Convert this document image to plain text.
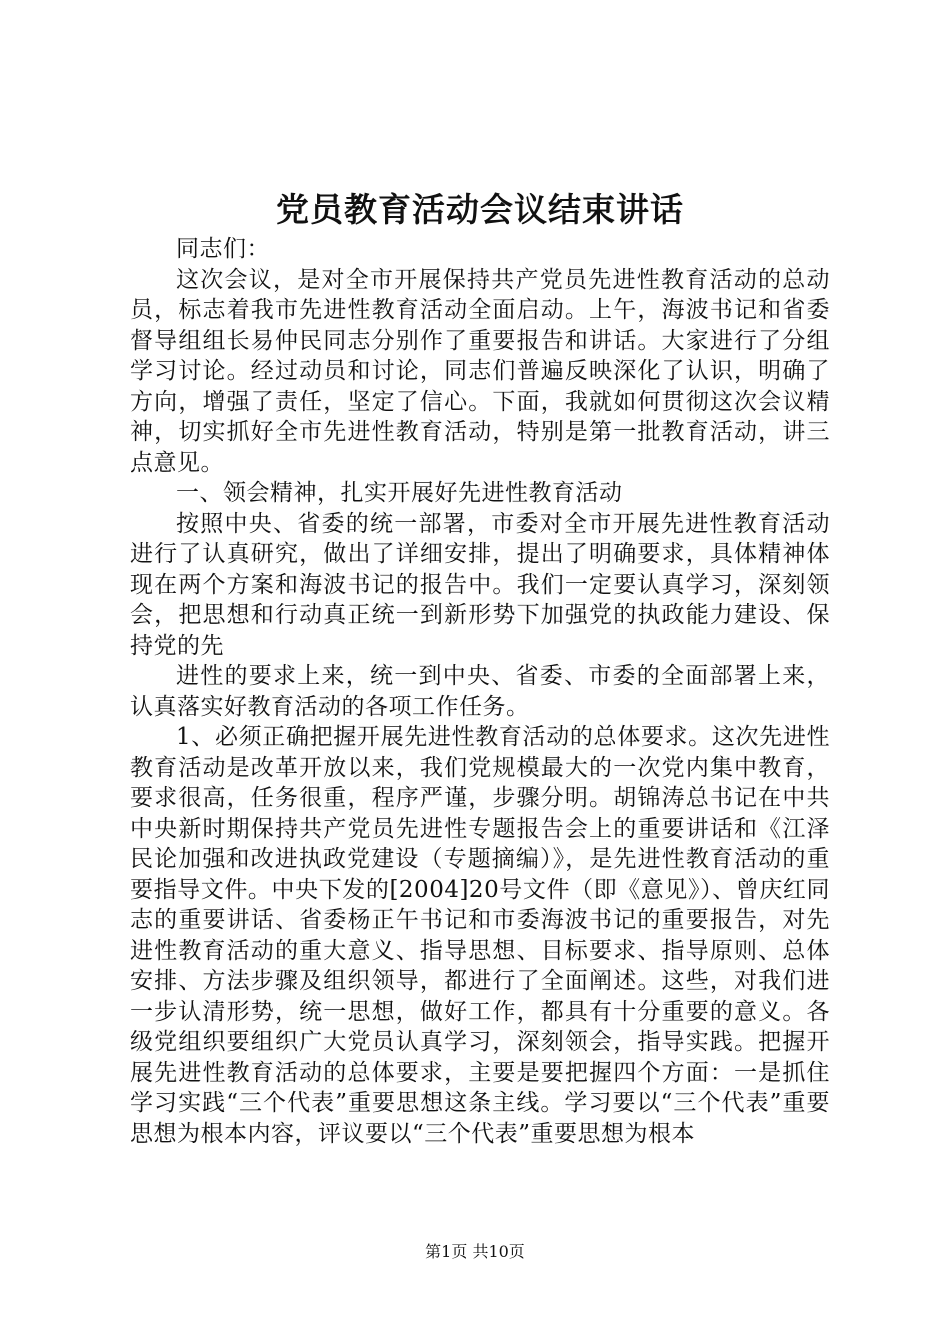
党员教育活动会议结束讲话

同志们：

这次会议，是对全市开展保持共产党员先进性教育活动的总动员，标志着我市先进性教育活动全面启动。上午，海波书记和省委督导组组长易仲民同志分别作了重要报告和讲话。大家进行了分组学习讨论。经过动员和讨论，同志们普遍反映深化了认识，明确了方向，增强了责任，坚定了信心。下面，我就如何贯彻这次会议精神，切实抓好全市先进性教育活动，特别是第一批教育活动，讲三点意见。

一、领会精神，扎实开展好先进性教育活动

按照中央、省委的统一部署，市委对全市开展先进性教育活动进行了认真研究，做出了详细安排，提出了明确要求，具体精神体现在两个方案和海波书记的报告中。我们一定要认真学习，深刻领会，把思想和行动真正统一到新形势下加强党的执政能力建设、保持党的先

进性的要求上来，统一到中央、省委、市委的全面部署上来，认真落实好教育活动的各项工作任务。

1、必须正确把握开展先进性教育活动的总体要求。这次先进性教育活动是改革开放以来，我们党规模最大的一次党内集中教育，要求很高，任务很重，程序严谨，步骤分明。胡锦涛总书记在中共中央新时期保持共产党员先进性专题报告会上的重要讲话和《江泽民论加强和改进执政党建设（专题摘编）》，是先进性教育活动的重要指导文件。中央下发的[2004]20号文件（即《意见》）、曾庆红同志的重要讲话、省委杨正午书记和市委海波书记的重要报告，对先进性教育活动的重大意义、指导思想、目标要求、指导原则、总体安排、方法步骤及组织领导，都进行了全面阐述。这些，对我们进一步认清形势，统一思想，做好工作，都具有十分重要的意义。各级党组织要组织广大党员认真学习，深刻领会，指导实践。把握开展先进性教育活动的总体要求，主要是要把握四个方面：一是抓住学习实践“三个代表”重要思想这条主线。学习要以“三个代表”重要思想为根本内容，评议要以“三个代表”重要思想为根本

第1页 共10页
